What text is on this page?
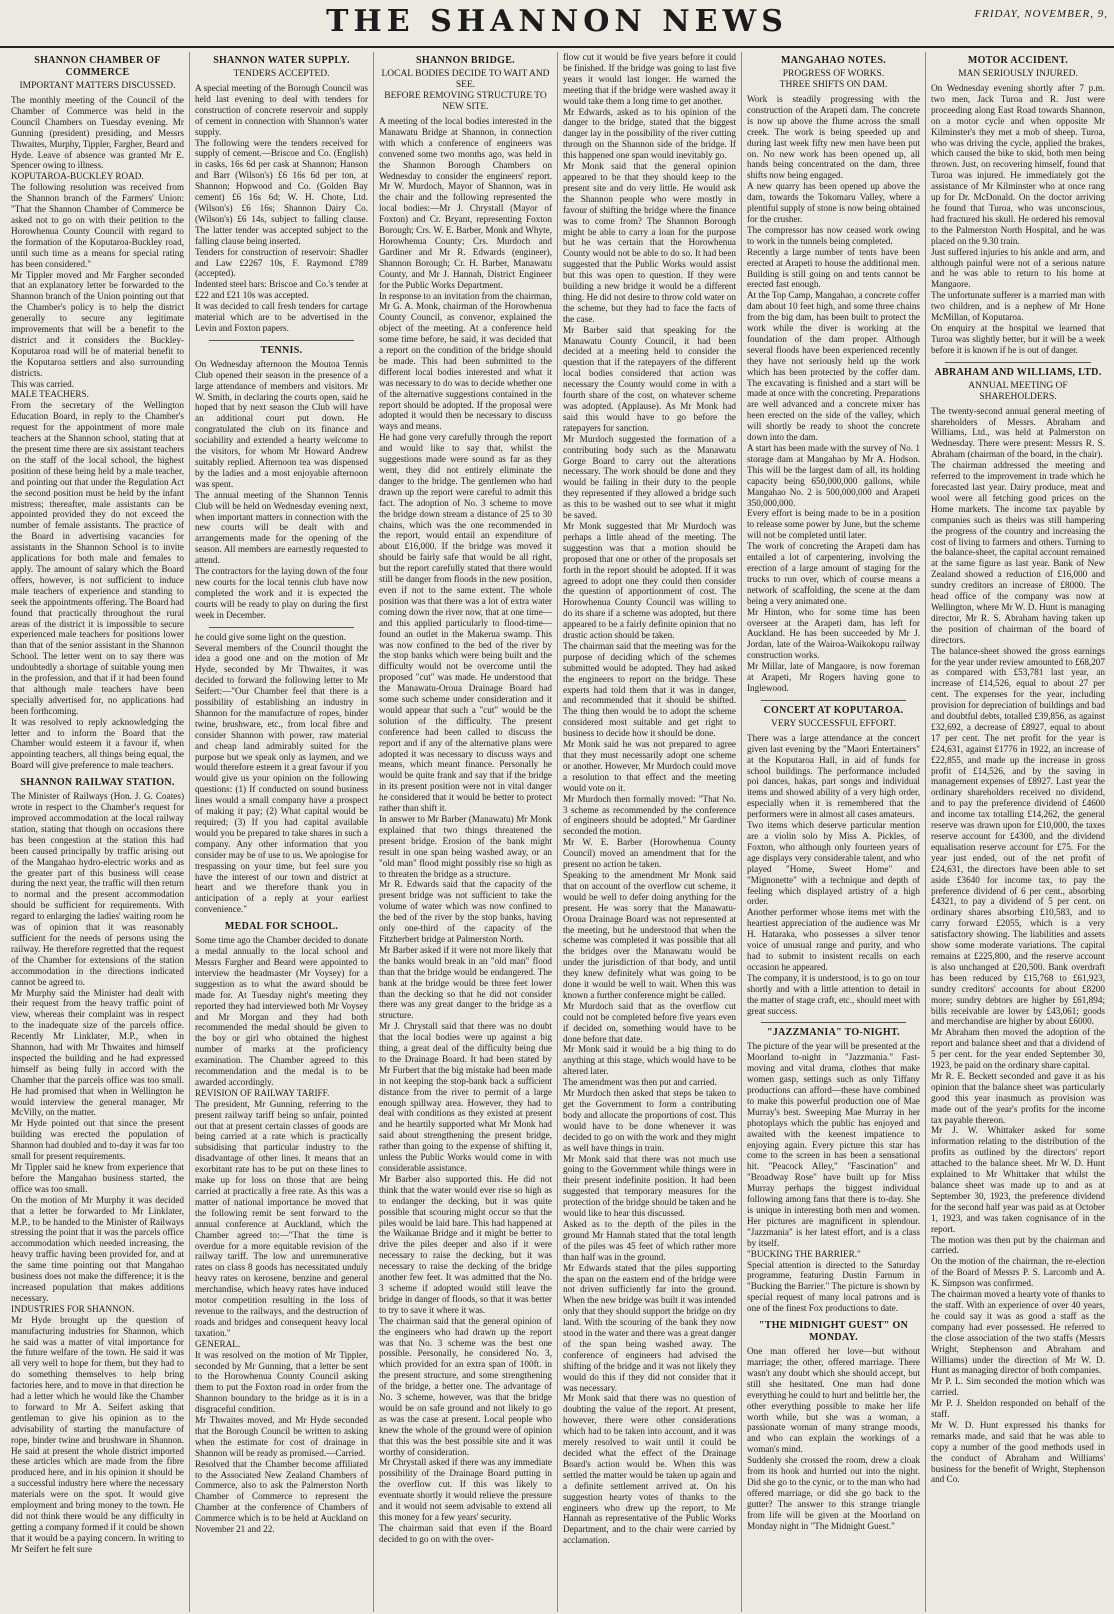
THE SHANNON NEWS	FRIDAY, NOVEMBER, 9,
SHANNON CHAMBER OF COMMERCE
IMPORTANT MATTERS DISCUSSED.

The monthly meeting of the Council of the Chamber of Commerce was held in the Council Chambers on Tuesday evening. Mr Gunning (president) presiding, and Messrs Thwaites, Murphy, Tippler, Fargher, Beard and Hyde. Leave of absence was granted Mr E. Spencer owing to illness.
KOPUTAROA-BUCKLEY ROAD.
The following resolution was received from the Shannon branch of the Farmers' Union: "That the Shannon Chamber of Commerce be asked not to go on with their petition to the Horowhenua County Council with regard to the formation of the Koputaroa-Buckley road, until such time as a means for special rating has been considered."
Mr Tippler moved and Mr Fargher seconded that an explanatory letter be forwarded to the Shannon branch of the Union pointing out that the Chamber's policy is to help the district generally to secure any legitimate improvements that will be a benefit to the district and it considers the Buckley-Koputaroa road will be of material benefit to the Koputaroa settlers and also surrounding districts.
This was carried.
MALE TEACHERS.
From the secretary of the Wellington Education Board, in reply to the Chamber's request for the appointment of more male teachers at the Shannon school, stating that at the present time there are six assistant teachers on the staff of the local school, the highest position of these being held by a male teacher, and pointing out that under the Regulation Act the second position must be held by the infant mistress; thereafter, male assistants can be appointed provided they do not exceed the number of female assistants. The practice of the Board in advertising vacancies for assistants in the Shannon School is to invite applications for both male and females to apply. The amount of salary which the Board offers, however, is not sufficient to induce male teachers of experience and standing to seek the appointments offering. The Board had found that practically throughout the rural areas of the district it is impossible to secure experienced male teachers for positions lower than that of the senior assistant in the Shannon School. The letter went on to say there was undoubtedly a shortage of suitable young men in the profession, and that if it had been found that although male teachers have been specially advertised for, no applications had been forthcoming.
It was resolved to reply acknowledging the letter and to inform the Board that the Chamber would esteem it a favour if, when appointing teachers, all things being equal, the Board will give preference to male teachers.

SHANNON RAILWAY STATION.

The Minister of Railways (Hon. J. G. Coates) wrote in respect to the Chamber's request for improved accommodation at the local railway station, stating that though on occasions there has been congestion at the station this had been caused principally by traffic arising out of the Mangahao hydro-electric works and as the greater part of this business will cease during the next year, the traffic will then return to normal and the present accommodation should be sufficient for requirements. With regard to enlarging the ladies' waiting room he was of opinion that it was reasonably sufficient for the needs of persons using the railway. He therefore regretted that the request of the Chamber for extensions of the station accommodation in the directions indicated cannot be agreed to.
Mr Murphy said the Minister had dealt with their request from the heavy traffic point of view, whereas their complaint was in respect to the inadequate size of the parcels office. Recently Mr Linklater, M.P., when in Shannon, had with Mr Thwaites and himself inspected the building and he had expressed himself as being fully in accord with the Chamber that the parcels office was too small. He had promised that when in Wellington he would interview the general manager, Mr McVilly, on the matter.
Mr Hyde pointed out that since the present building was erected the population of Shannon had doubled and to-day it was far too small for present requirements.
Mr Tippler said he knew from experience that before the Mangahao business started, the office was too small.
On the motion of Mr Murphy it was decided that a letter be forwarded to Mr Linklater, M.P., to be handed to the Minister of Railways stressing the point that it was the parcels office accommodation which needed increasing, the heavy traffic having been provided for, and at the same time pointing out that Mangahao business does not make the difference; it is the increased population that makes additions necessary.
INDUSTRIES FOR SHANNON.
Mr Hyde brought up the question of manufacturing industries for Shannon, which he said was a matter of vital importance for the future welfare of the town. He said it was all very well to hope for them, but they had to do something themselves to help bring factories here, and to move in that direction he had a letter which he would like the Chamber to forward to Mr A. Seifert asking that gentleman to give his opinion as to the advisability of starting the manufacture of rope, binder twine and brushware in Shannon. He said at present the whole district imported these articles which are made from the fibre produced here, and in his opinion it should be a successful industry here where the necessary materials were on the spot. It would give employment and bring money to the town. He did not think there would be any difficulty in getting a company formed if it could be shown that it would be a paying concern. In writing to Mr Seifert he felt sure

SHANNON WATER SUPPLY.
TENDERS ACCEPTED.

A special meeting of the Borough Council was held last evening to deal with tenders for construction of concrete reservoir and supply of cement in connection with Shannon's water supply.
The following were the tenders received for supply of cement.—Briscoe and Co. (English) in casks, 16s 6d per cask at Shannon; Hanson and Barr (Wilson's) £6 16s 6d per ton, at Shannon; Hopwood and Co. (Golden Bay cement) £6 16s 6d; W. H. Chote, Ltd. (Wilson's) £6 16s; Shannon Dairy Co. (Wilson's) £6 14s, subject to falling clause. The latter tender was accepted subject to the falling clause being inserted.
Tenders for construction of reservoir: Shadler and Law £2267 10s, F. Raymond £789 (accepted).
Indented steel bars: Briscoe and Co.'s tender at £22 and £21 10s was accepted.
It was decided to call fresh tenders for cartage material which are to be advertised in the Levin and Foxton papers.

TENNIS.

On Wednesday afternoon the Moutoa Tennis Club opened their season in the presence of a large attendance of members and visitors. Mr W. Smith, in declaring the courts open, said he hoped that by next season the Club will have an additional court put down. He congratulated the club on its finance and sociability and extended a hearty welcome to the visitors, for whom Mr Howard Andrew suitably replied. Afternoon tea was dispensed by the ladies and a most enjoyable afternoon was spent.
The annual meeting of the Shannon Tennis Club will be held on Wednesday evening next, when important matters in connection with the new courts will be dealt with and arrangements made for the opening of the season. All members are earnestly requested to attend.
The contractors for the laying down of the four new courts for the local tennis club have now completed the work and it is expected the courts will be ready to play on during the first week in December.

he could give some light on the question.
Several members of the Council thought the idea a good one and on the motion of Mr Hyde, seconded by Mr Thwaites, it was decided to forward the following letter to Mr Seifert:—"Our Chamber feel that there is a possibility of establishing an industry in Shannon for the manufacture of ropes, binder twine, brushware, etc., from local fibre and consider Shannon with power, raw material and cheap land admirably suited for the purpose but we speak only as laymen, and we would therefore esteem it a great favour if you would give us your opinion on the following questions: (1) If conducted on sound business lines would a small company have a prospect of making it pay; (2) What capital would be required; (3) If you had capital available would you be prepared to take shares in such a company. Any other information that you consider may be of use to us. We apologise for trespassing on your time, but feel sure you have the interest of our town and district at heart and we therefore thank you in anticipation of a reply at your earliest convenience."

MEDAL FOR SCHOOL.

Some time ago the Chamber decided to donate a medal annually to the local school and Messrs Fargher and Beard were appointed to interview the headmaster (Mr Voysey) for a suggestion as to what the award should be made for. At Tuesday night's meeting they reported they had interviewed both Mr Voysey and Mr Morgan and they had both recommended the medal should be given to the boy or girl who obtained the highest number of marks at the proficiency examination. The Chamber agreed to this recommendation and the medal is to be awarded accordingly.
REVISION OF RAILWAY TARIFF.
The president, Mr Gunning, referring to the present railway tariff being so unfair, pointed out that at present certain classes of goods are being carried at a rate which is practically subsidising that particular industry to the disadvantage of other lines. It means that an exorbitant rate has to be put on these lines to make up for loss on those that are being carried at practically a free rate. As this was a matter of national importance he moved that the following remit be sent forward to the annual conference at Auckland, which the Chamber agreed to:—"That the time is overdue for a more equitable revision of the railway tariff. The low and unremunerative rates on class 8 goods has necessitated unduly heavy rates on kerosene, benzine and general merchandise, which heavy rates have induced motor competition resulting in the loss of revenue to the railways, and the destruction of roads and bridges and consequent heavy local taxation."
GENERAL.
It was resolved on the motion of Mr Tippler, seconded by Mr Gunning, that a letter be sent to the Horowhenua County Council asking them to put the Foxton road in order from the Shannon boundary to the bridge as it is in a disgraceful condition.
Mr Thwaites moved, and Mr Hyde seconded that the Borough Council be written to asking when the estimate for cost of drainage in Shannon will be ready as promised.—Carried.
Resolved that the Chamber become affiliated to the Associated New Zealand Chambers of Commerce, also to ask the Palmerston North Chamber of Commerce to represent the Chamber at the conference of Chambers of Commerce which is to be held at Auckland on November 21 and 22.

SHANNON BRIDGE.
LOCAL BODIES DECIDE TO WAIT AND SEE.
BEFORE REMOVING STRUCTURE TO NEW SITE.

A meeting of the local bodies interested in the Manawatu Bridge at Shannon, in connection with which a conference of engineers was convened some two months ago, was held in the Shannon Borough Chambers on Wednesday to consider the engineers' report. Mr W. Murdoch, Mayor of Shannon, was in the chair and the following represented the local bodies:—Mr J. Chrystall (Mayor of Foxton) and Cr. Bryant, representing Foxton Borough; Crs. W. E. Barber, Monk and Whyte, Horowhenua County; Crs. Murdoch and Gardiner and Mr R. Edwards (engineer), Shannon Borough; Cr. H. Barber, Manawatu County, and Mr J. Hannah, District Engineer for the Public Works Department.
In response to an invitation from the chairman, Mr G. A. Monk, chairman of the Horowhenua County Council, as convenor, explained the object of the meeting. At a conference held some time before, he said, it was decided that a report on the condition of the bridge should be made. This had been submitted to the different local bodies interested and what it was necessary to do was to decide whether one of the alternative suggestions contained in the report should be adopted. If the proposal were adopted it would then be necessary to discuss ways and means.
He had gone very carefully through the report and would like to say that, whilst the suggestions made were sound as far as they went, they did not entirely eliminate the danger to the bridge. The gentlemen who had drawn up the report were careful to admit this fact. The adoption of No. 3 scheme to move the bridge down stream a distance of 25 to 30 chains, which was the one recommended in the report, would entail an expenditure of about £16,000. If the bridge was moved it should be fairly safe that would be all right, but the report carefully stated that there would still be danger from floods in the new position, even if not to the same extent. The whole position was that there was a lot of extra water coming down the river now, that at one time—and this applied particularly to flood-time—found an outlet in the Makerua swamp. This was now confined to the bed of the river by the stop banks which were being built and the difficulty would not be overcome until the proposed "cut" was made. He understood that the Manawatu-Oroua Drainage Board had some such scheme under consideration and it would appear that such a "cut" would be the solution of the difficulty. The present conference had been called to discuss the report and if any of the alternative plans were adopted it was necessary to discuss ways and means, which meant finance. Personally he would be quite frank and say that if the bridge in its present position were not in vital danger he considered that it would be better to protect rather than shift it.
In answer to Mr Barber (Manawatu) Mr Monk explained that two things threatened the present bridge. Erosion of the bank might result in one span being washed away, or an "old man" flood might possibly rise so high as to threaten the bridge as a structure.
Mr R. Edwards said that the capacity of the present bridge was not sufficient to take the volume of water which was now confined to the bed of the river by the stop banks, having only one-third of the capacity of the Fitzherbert bridge at Palmerston North.
Mr Barber asked if it were not more likely that the banks would break in an "old man" flood than that the bridge would be endangered. The bank at the bridge would be three feet lower than the decking so that he did not consider there was any great danger to the bridge as a structure.
Mr J. Chrystall said that there was no doubt that the local bodies were up against a big thing, a great deal of the difficulty being due to the Drainage Board. It had been stated by Mr Furbert that the big mistake had been made in not keeping the stop-bank back a sufficient distance from the river to permit of a large enough spillway area. However, they had to deal with conditions as they existed at present and he heartily supported what Mr Monk had said about strengthening the present bridge, rather than going to the expense of shifting it, unless the Public Works would come in with considerable assistance.
Mr Barber also supported this. He did not think that the water would ever rise so high as to endanger the decking, but it was quite possible that scouring might occur so that the piles would be laid bare. This had happened at the Waikanae Bridge and it might be better to drive the piles deeper and also if it were necessary to raise the decking, but it was necessary to raise the decking of the bridge another few feet. It was admitted that the No. 3 scheme if adopted would still leave the bridge in danger of floods, so that it was better to try to save it where it was.
The chairman said that the general opinion of the engineers who had drawn up the report was that No. 3 scheme was the best one possible. Personally, he considered No. 3, which provided for an extra span of 100ft. in the present structure, and some strengthening of the bridge, a better one. The advantage of No. 3 scheme, however, was that the bridge would be on safe ground and not likely to go as was the case at present. Local people who knew the whole of the ground were of opinion that this was the best possible site and it was worthy of consideration.
Mr Chrystall asked if there was any immediate possibility of the Drainage Board putting in the overflow cut. If this was likely to eventuate shortly it would relieve the pressure and it would not seem advisable to extend all this money for a few years' security.
The chairman said that even if the Board decided to go on with the over-

flow cut it would be five years before it could be finished. If the bridge was going to last five years it would last longer. He warned the meeting that if the bridge were washed away it would take them a long time to get another.
Mr Edwards, asked as to his opinion of the danger to the bridge, stated that the biggest danger lay in the possibility of the river cutting through on the Shannon side of the bridge. If this happened one span would inevitably go.
Mr Monk said that the general opinion appeared to be that they should keep to the present site and do very little. He would ask the Shannon people who were mostly in favour of shifting the bridge where the finance was to come from? The Shannon Borough might be able to carry a loan for the purpose but he was certain that the Horowhenua County would not be able to do so. It had been suggested that the Public Works would assist but this was open to question. If they were building a new bridge it would be a different thing. He did not desire to throw cold water on the scheme, but they had to face the facts of the case.
Mr Barber said that speaking for the Manawatu County Council, it had been decided at a meeting held to consider the question that if the ratepayers of the different local bodies considered that action was necessary the County would come in with a fourth share of the cost, on whatever scheme was adopted. (Applause). As Mr Monk had said this would have to go before the ratepayers for sanction.
Mr Murdoch suggested the formation of a contributing body such as the Manawatu Gorge Board to carry out the alterations necessary. The work should be done and they would be failing in their duty to the people they represented if they allowed a bridge such as this to be washed out to see what it might be saved.
Mr Monk suggested that Mr Murdoch was perhaps a little ahead of the meeting. The suggestion was that a motion should be proposed that one or other of the proposals set forth in the report should be adopted. If it was agreed to adopt one they could then consider the question of apportionment of cost. The Horowhenua County Council was willing to do its share if a scheme was adopted, but there appeared to be a fairly definite opinion that no drastic action should be taken.
The chairman said that the meeting was for the purpose of deciding which of the schemes submitted would be adopted. They had asked the engineers to report on the bridge. These experts had told them that it was in danger, and recommended that it should be shifted. The thing then would be to adopt the scheme considered most suitable and get right to business to decide how it should be done.
Mr Monk said he was not prepared to agree that they must necessarily adopt one scheme or another. However, Mr Murdoch could move a resolution to that effect and the meeting would vote on it.
Mr Murdoch then formally moved: "That No. 3 scheme as recommended by the conference of engineers should be adopted." Mr Gardiner seconded the motion.
Mr W. E. Barber (Horowhenua County Council) moved an amendment that for the present no action be taken.
Speaking to the amendment Mr Monk said that on account of the overflow cut scheme, it would be well to defer doing anything for the present. He was sorry that the Manawatu-Oroua Drainage Board was not represented at the meeting, but he understood that when the scheme was completed it was possible that all the bridges over the Manawatu would be under the jurisdiction of that body, and until they knew definitely what was going to be done it would be well to wait. When this was known a further conference might be called.
Mr Murdoch said that as the overflow cut could not be completed before five years even if decided on, something would have to be done before that date.
Mr Monk said it would be a big thing to do anything at this stage, which would have to be altered later.
The amendment was then put and carried.
Mr Murdoch then asked that steps be taken to get the Government to form a contributing body and allocate the proportions of cost. This would have to be done whenever it was decided to go on with the work and they might as well have things in train.
Mr Monk said that there was not much use going to the Government while things were in their present indefinite position. It had been suggested that temporary measures for the protection of the bridge should be taken and he would like to hear this discussed.
Asked as to the depth of the piles in the ground Mr Hannah stated that the total length of the piles was 45 feet of which rather more than half was in the ground.
Mr Edwards stated that the piles supporting the span on the eastern end of the bridge were not driven sufficiently far into the ground. When the new bridge was built it was intended only that they should support the bridge on dry land. With the scouring of the bank they now stood in the water and there was a great danger of the span being washed away. The conference of engineers had advised the shifting of the bridge and it was not likely they would do this if they did not consider that it was necessary.
Mr Monk said that there was no question of doubting the value of the report. At present, however, there were other considerations which had to be taken into account, and it was merely resolved to wait until it could be decided what the effect of the Drainage Board's action would be. When this was settled the matter would be taken up again and a definite settlement arrived at. On his suggestion hearty votes of thanks to the engineers who drew up the report, to Mr Hannah as representative of the Public Works Department, and to the chair were carried by acclamation.

MANGAHAO NOTES.
PROGRESS OF WORKS.
THREE SHIFTS ON DAM.

Work is steadily progressing with the construction of the Arapeti dam. The concrete is now up above the flume across the small creek. The work is being speeded up and during last week fifty new men have been put on. No new work has been opened up, all hands being concentrated on the dam, three shifts now being engaged.
A new quarry has been opened up above the dam, towards the Tokomaru Valley, where a plentiful supply of stone is now being obtained for the crusher.
The compressor has now ceased work owing to work in the tunnels being completed.
Recently a large number of tents have been erected at Arapeti to house the additional men. Building is still going on and tents cannot be erected fast enough.
At the Top Camp, Mangahao, a concrete coffer dam about 10 feet high, and some three chains from the big dam, has been built to protect the work while the diver is working at the foundation of the dam proper. Although several floods have been experienced recently they have not seriously held up the work which has been protected by the coffer dam. The excavating is finished and a start will be made at once with the concreting. Preparations are well advanced and a concrete mixer has been erected on the side of the valley, which will shortly be ready to shoot the concrete down into the dam.
A start has been made with the survey of No. 1 storage dam at Mangahao by Mr A. Hodson. This will be the largest dam of all, its holding capacity being 650,000,000 gallons, while Mangahao No. 2 is 500,000,000 and Arapeti 350,000,000.
Every effort is being made to be in a position to release some power by June, but the scheme will not be completed until later.
The work of concreting the Arapeti dam has entailed a lot of carpentering, involving the erection of a large amount of staging for the trucks to run over, which of course means a network of scaffolding, the scene at the dam being a very animated one.
Mr Hinton, who for some time has been overseer at the Arapeti dam, has left for Auckland. He has been succeeded by Mr J. Jordan, late of the Wairoa-Waikokopu railway construction works.
Mr Millar, late of Mangaore, is now foreman at Arapeti, Mr Rogers having gone to Inglewood.

CONCERT AT KOPUTAROA.
VERY SUCCESSFUL EFFORT.

There was a large attendance at the concert given last evening by the "Maori Entertainers" at the Koputaroa Hall, in aid of funds for school buildings. The performance included poi dances, hakas, part songs and individual items and showed ability of a very high order, especially when it is remembered that the performers were in almost all cases amateurs.
Two items which deserve particular mention are a violin solo by Miss A. Pickles, of Foxton, who although only fourteen years of age displays very considerable talent, and who played "Home, Sweet Home" and "Mignonette" with a technique and depth of feeling which displayed artistry of a high order.
Another performer whose items met with the heartiest appreciation of the audience was Mr H. Hataraka, who possesses a silver tenor voice of unusual range and purity, and who had to submit to insistent recalls on each occasion he appeared.
The company, it is understood, is to go on tour shortly and with a little attention to detail in the matter of stage craft, etc., should meet with great success.

"JAZZMANIA" TO-NIGHT.

The picture of the year will be presented at the Moorland to-night in "Jazzmania." Fast-moving and vital drama, clothes that make women gasp, settings such as only Tiffany productions can afford—these have combined to make this powerful production one of Mae Murray's best. Sweeping Mae Murray in her photoplays which the public has enjoyed and awaited with the keenest impatience to enjoying again. Every picture this star has come to the screen in has been a sensational hit. "Peacock Alley," "Fascination" and "Broadway Rose" have built up for Miss Murray perhaps the biggest individual following among fans that there is to-day. She is unique in interesting both men and women. Her pictures are magnificent in splendour. "Jazzmania" is her latest effort, and is a class by itself.
"BUCKING THE BARRIER."
Special attention is directed to the Saturday programme, featuring Dustin Farnum in "Bucking the Barrier." The picture is shown by special request of many local patrons and is one of the finest Fox productions to date.

"THE MIDNIGHT GUEST" ON MONDAY.

One man offered her love—but without marriage; the other, offered marriage. There wasn't any doubt which she should accept, but still she hesitated. One man had done everything he could to hurt and belittle her, the other everything possible to make her life worth while, but she was a woman, a passionate woman of many strange moods, and who can explain the workings of a woman's mind.
Suddenly she crossed the room, drew a cloak from its hook and hurried out into the night. Did she go to the cynic, or to the man who had offered marriage, or did she go back to the gutter? The answer to this strange triangle from life will be given at the Moorland on Monday night in "The Midnight Guest."

MOTOR ACCIDENT.
MAN SERIOUSLY INJURED.

On Wednesday evening shortly after 7 p.m. two men, Jack Turoa and R. Just were proceeding along East Road towards Shannon, on a motor cycle and when opposite Mr Kilminster's they met a mob of sheep. Turoa, who was driving the cycle, applied the brakes, which caused the bike to skid, both men being thrown. Just, on recovering himself, found that Turoa was injured. He immediately got the assistance of Mr Kilminster who at once rang up for Dr. McDonald. On the doctor arriving he found that Turoa, who was unconscious, had fractured his skull. He ordered his removal to the Palmerston North Hospital, and he was placed on the 9.30 train.
Just suffered injuries to his ankle and arm, and although painful were not of a serious nature and he was able to return to his home at Mangaore.
The unfortunate sufferer is a married man with two children, and is a nephew of Mr Hone McMillan, of Koputaroa.
On enquiry at the hospital we learned that Turoa was slightly better, but it will be a week before it is known if he is out of danger.

ABRAHAM AND WILLIAMS, LTD.
ANNUAL MEETING OF SHAREHOLDERS.

The twenty-second annual general meeting of shareholders of Messrs. Abraham and Williams, Ltd., was held at Palmerston on Wednesday. There were present: Messrs R. S. Abraham (chairman of the board, in the chair).
The chairman addressed the meeting and referred to the improvement in trade which he forecasted last year. Dairy produce, meat and wool were all fetching good prices on the Home markets. The income tax payable by companies such as theirs was still hampering the progress of the country and increasing the cost of living to farmers and others. Turning to the balance-sheet, the capital account remained at the same figure as last year. Bank of New Zealand showed a reduction of £16,000 and sundry creditors an increase of £8000. The head office of the company was now at Wellington, where Mr W. D. Hunt is managing director, Mr R. S. Abraham having taken up the position of chairman of the board of directors.
The balance-sheet showed the gross earnings for the year under review amounted to £68,207 as compared with £53,781 last year, an increase of £14,526, equal to about 27 per cent. The expenses for the year, including provision for depreciation of buildings and bad and doubtful debts, totalled £39,856, as against £32,692, a decrease of £8927, equal to about 17 per cent. The net profit for the year is £24,631, against £1776 in 1922, an increase of £22,855, and made up the increase in gross profit of £14,526, and by the saving in management expenses of £8927. Last year the ordinary shareholders received no dividend, and to pay the preference dividend of £4600 and income tax totalling £14,262, the general reserve was drawn upon for £10,000, the taxes reserve account for £4300, and the dividend equalisation reserve account for £75. For the year just ended, out of the net profit of £24,631, the directors have been able to set aside £3640 for income tax, to pay the preference dividend of 6 per cent., absorbing £4321, to pay a dividend of 5 per cent. on ordinary shares absorbing £10,583, and to carry forward £2055, which is a very satisfactory showing. The liabilities and assets show some moderate variations. The capital remains at £225,800, and the reserve account is also unchanged at £20,500. Bank overdraft has been reduced by £15,768 to £61,923, sundry creditors' accounts for about £8200 more; sundry debtors are higher by £61,894; bills receivable are lower by £43,061; goods and merchandise are higher by about £6000.
Mr Abraham then moved the adoption of the report and balance sheet and that a dividend of 5 per cent. for the year ended September 30, 1923, be paid on the ordinary share capital.
Mr R. E. Beckett seconded and gave it as his opinion that the balance sheet was particularly good this year inasmuch as provision was made out of the year's profits for the income tax payable thereon.
Mr J. W. Whittaker asked for some information relating to the distribution of the profits as outlined by the directors' report attached to the balance sheet. Mr W. D. Hunt explained to Mr Whittaker that whilst the balance sheet was made up to and as at September 30, 1923, the preference dividend for the second half year was paid as at October 1, 1923, and was taken cognisance of in the report.
The motion was then put by the chairman and carried.
On the motion of the chairman, the re-election of the Board of Messrs P. S. Larcomb and A. K. Simpson was confirmed.
The chairman moved a hearty vote of thanks to the staff. With an experience of over 40 years, he could say it was as good a staff as the company had ever possessed. He referred to the close association of the two staffs (Messrs Wright, Stephenson and Abraham and Williams) under the direction of Mr W. D. Hunt as managing director of both companies.
Mr P. L. Sim seconded the motion which was carried.
Mr P. J. Sheldon responded on behalf of the staff.
Mr W. D. Hunt expressed his thanks for remarks made, and said that he was able to copy a number of the good methods used in the conduct of Abraham and Williams' business for the benefit of Wright, Stephenson and Co.
